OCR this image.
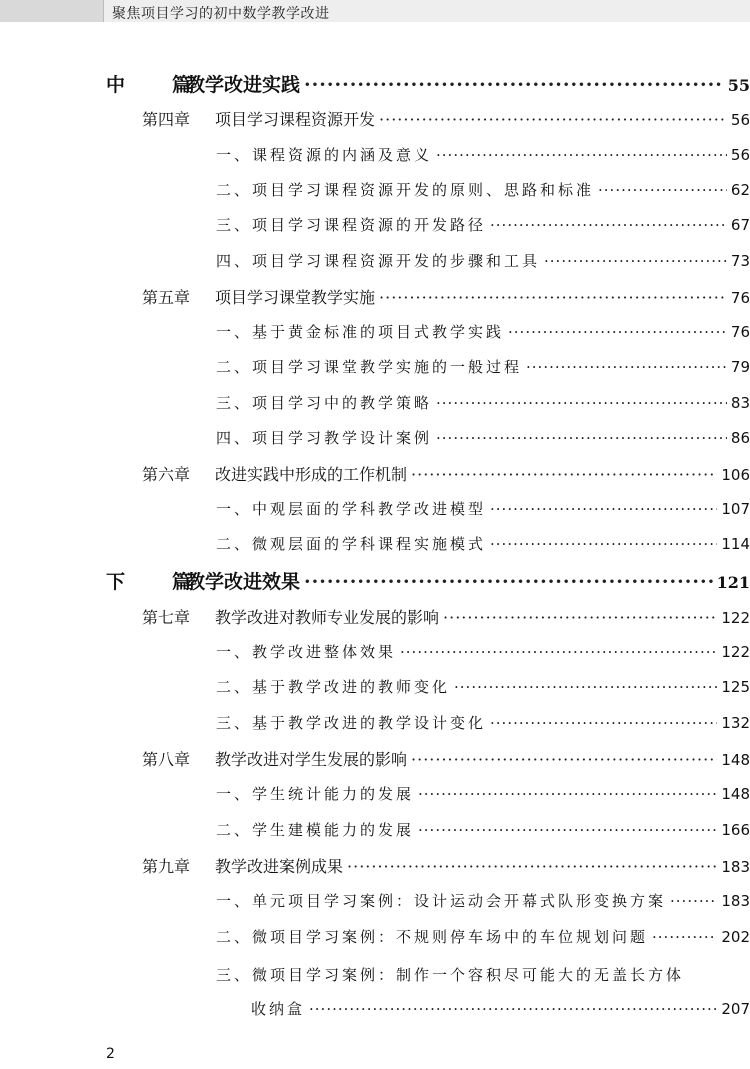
聚焦项目学习的初中数学教学改进
中　篇教学改进实践 ·····	55
第四章 项目学习课程资源开发 ·····	56
一、课程资源的内涵及意义 ·····	56
二、项目学习课程资源开发的原则、思路和标准 ·····	62
三、项目学习课程资源的开发路径 ·····	67
四、项目学习课程资源开发的步骤和工具 ·····	73
第五章 项目学习课堂教学实施 ·····	76
一、基于黄金标准的项目式教学实践 ·····	76
二、项目学习课堂教学实施的一般过程 ·····	79
三、项目学习中的教学策略 ·····	83
四、项目学习教学设计案例 ·····	86
第六章 改进实践中形成的工作机制 ·····	106
一、中观层面的学科教学改进模型 ·····	107
二、微观层面的学科课程实施模式 ·····	114
下　篇教学改进效果 ·····	121
第七章 教学改进对教师专业发展的影响 ·····	122
一、教学改进整体效果 ·····	122
二、基于教学改进的教师变化 ·····	125
三、基于教学改进的教学设计变化 ·····	132
第八章 教学改进对学生发展的影响 ·····	148
一、学生统计能力的发展 ·····	148
二、学生建模能力的发展 ·····	166
第九章 教学改进案例成果 ·····	183
一、单元项目学习案例：设计运动会开幕式队形变换方案 ·····	183
二、微项目学习案例：不规则停车场中的车位规划问题 ·····	202
三、微项目学习案例：制作一个容积尽可能大的无盖长方体
收纳盒 ·····	207
2
